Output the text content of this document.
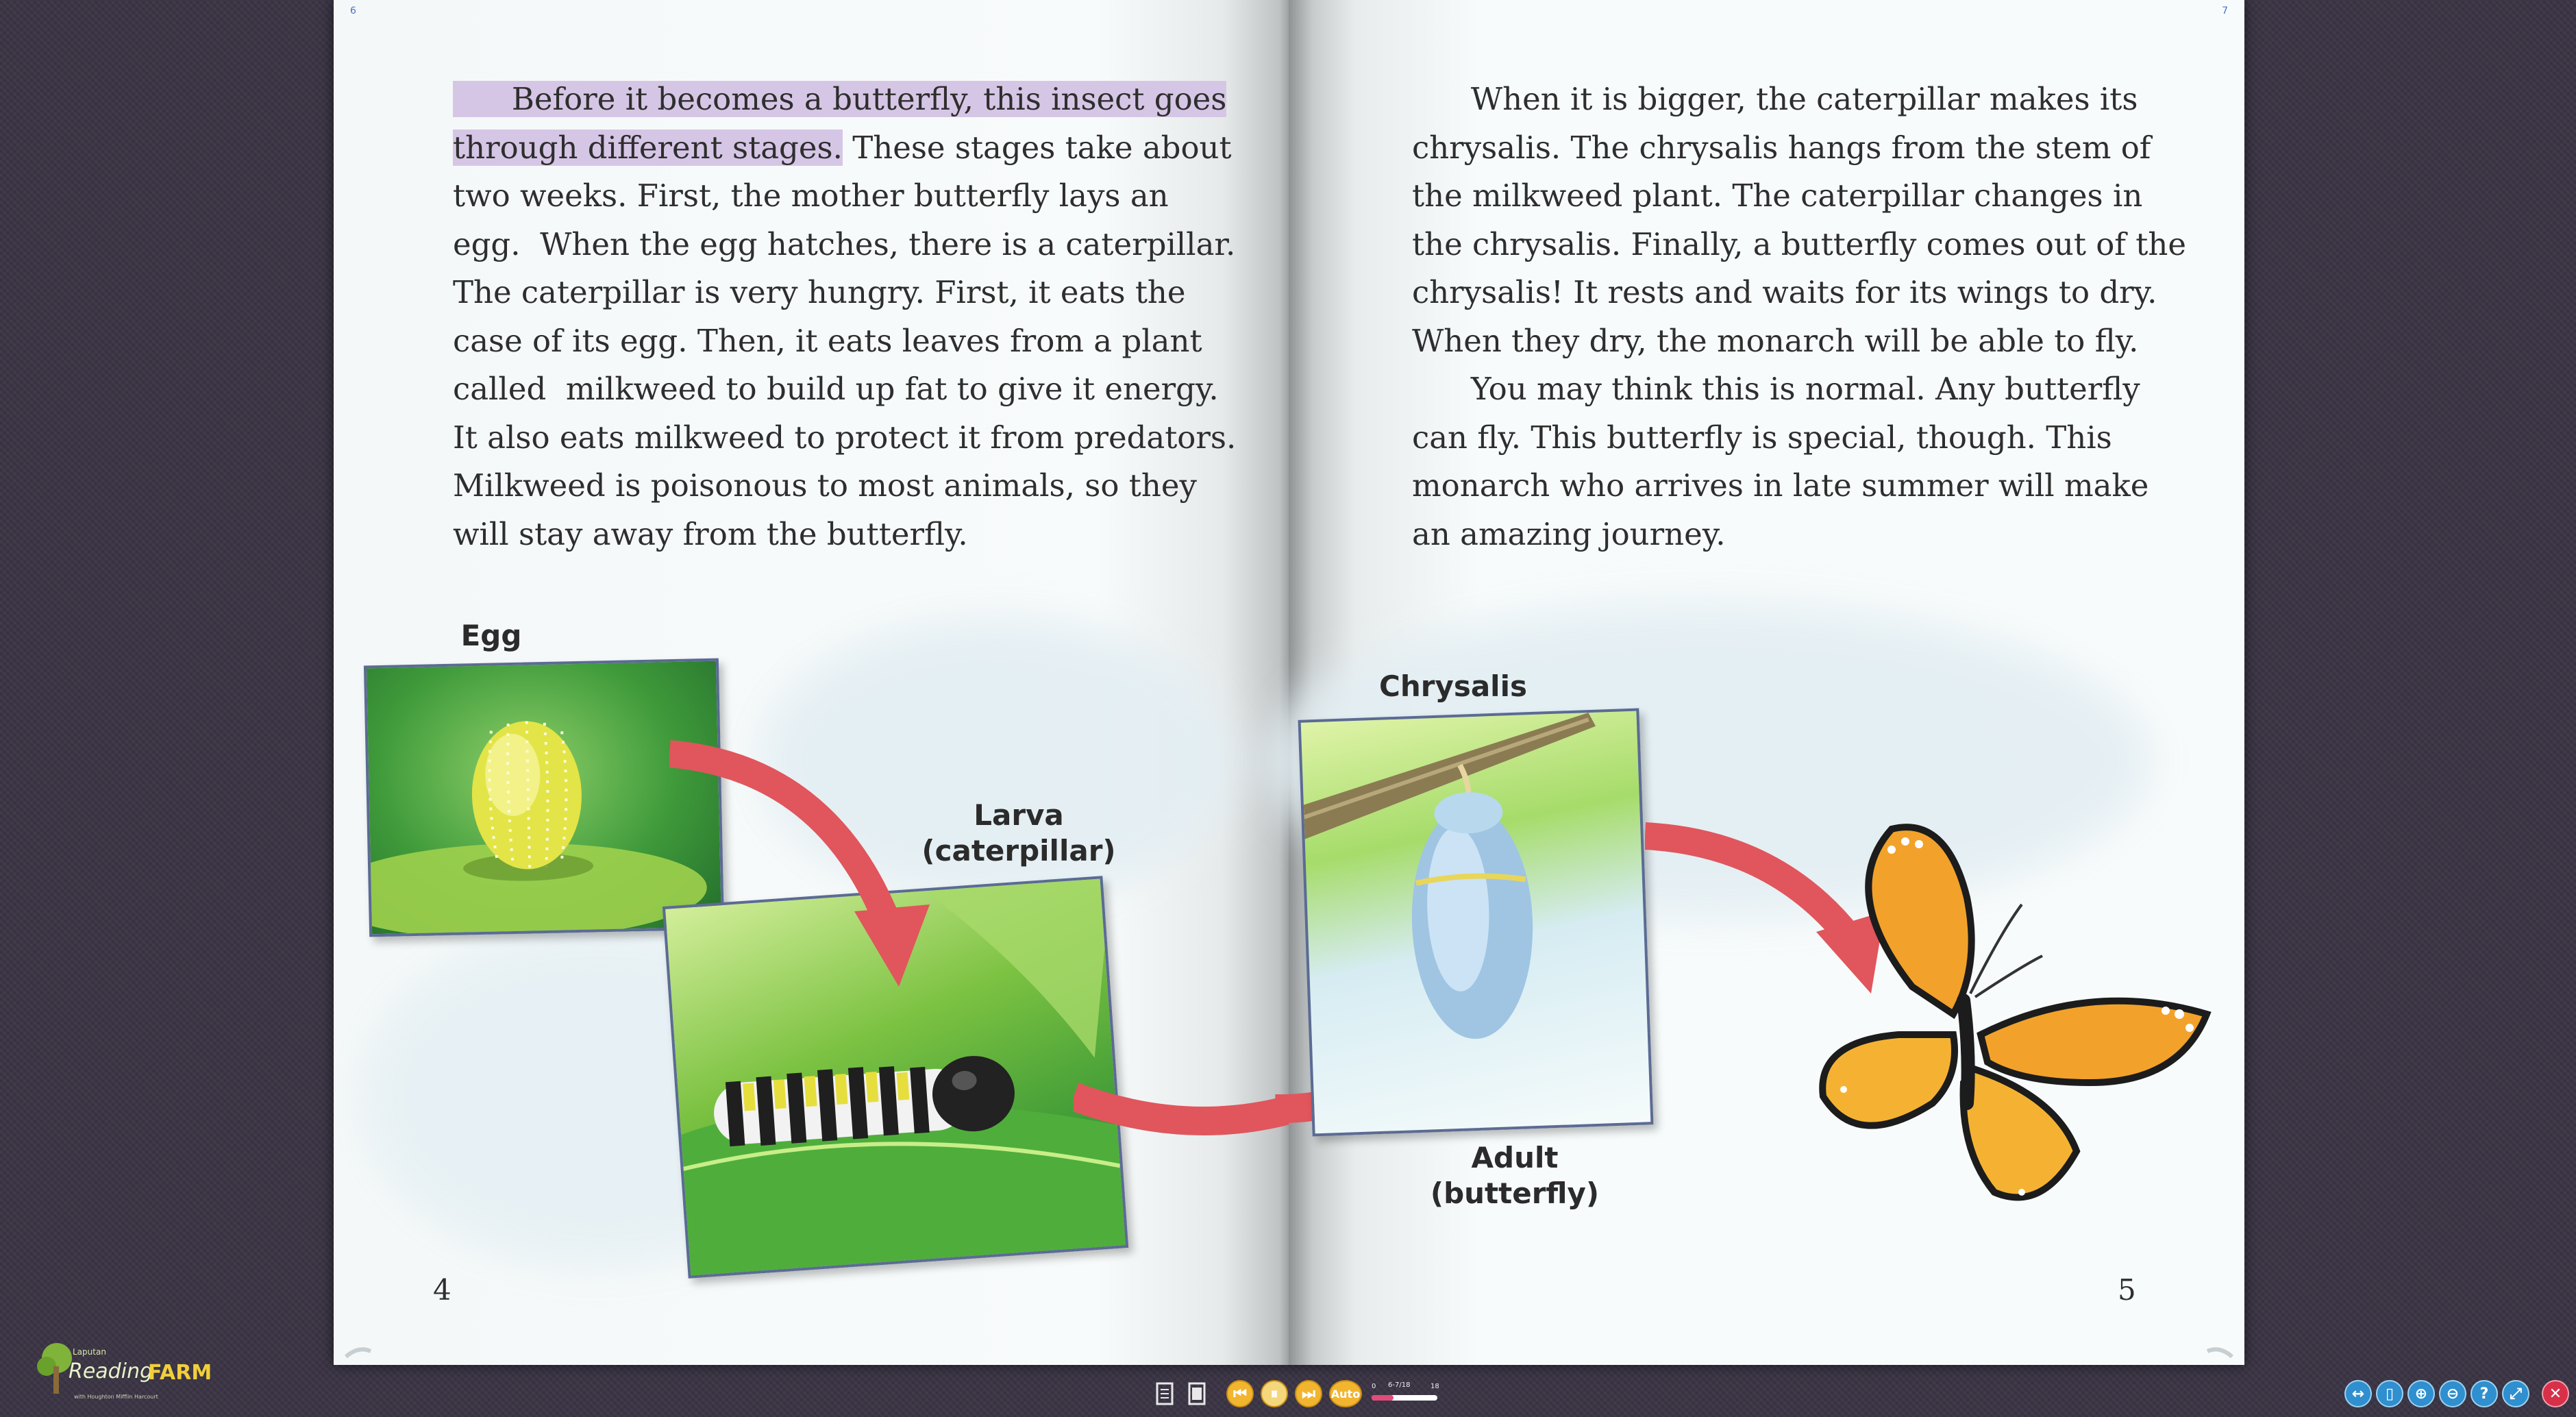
6

Before it becomes a butterfly, this insect goes
through different stages. These stages take about
two weeks. First, the mother butterfly lays an
egg.  When the egg hatches, there is a caterpillar.
The caterpillar is very hungry. First, it eats the
case of its egg. Then, it eats leaves from a plant
called  milkweed to build up fat to give it energy.
It also eats milkweed to protect it from predators.
Milkweed is poisonous to most animals, so they
will stay away from the butterfly.

Egg
Larva
(caterpillar)
4
7

When it is bigger, the caterpillar makes its
chrysalis. The chrysalis hangs from the stem of
the milkweed plant. The caterpillar changes in
the chrysalis. Finally, a butterfly comes out of the
chrysalis! It rests and waits for its wings to dry.
When they dry, the monarch will be able to fly.
You may think this is normal. Any butterfly
can fly. This butterfly is special, though. This
monarch who arrives in late summer will make
an amazing journey.

Chrysalis
Adult
(butterfly)
5
Laputan
Reading
FARM
with Houghton Mifflin Harcourt	⏮ ⏸ ⏭ Auto
0 6-7/18	18	↔ ▯ ⊕ ⊖ ? ⤢ ✕
